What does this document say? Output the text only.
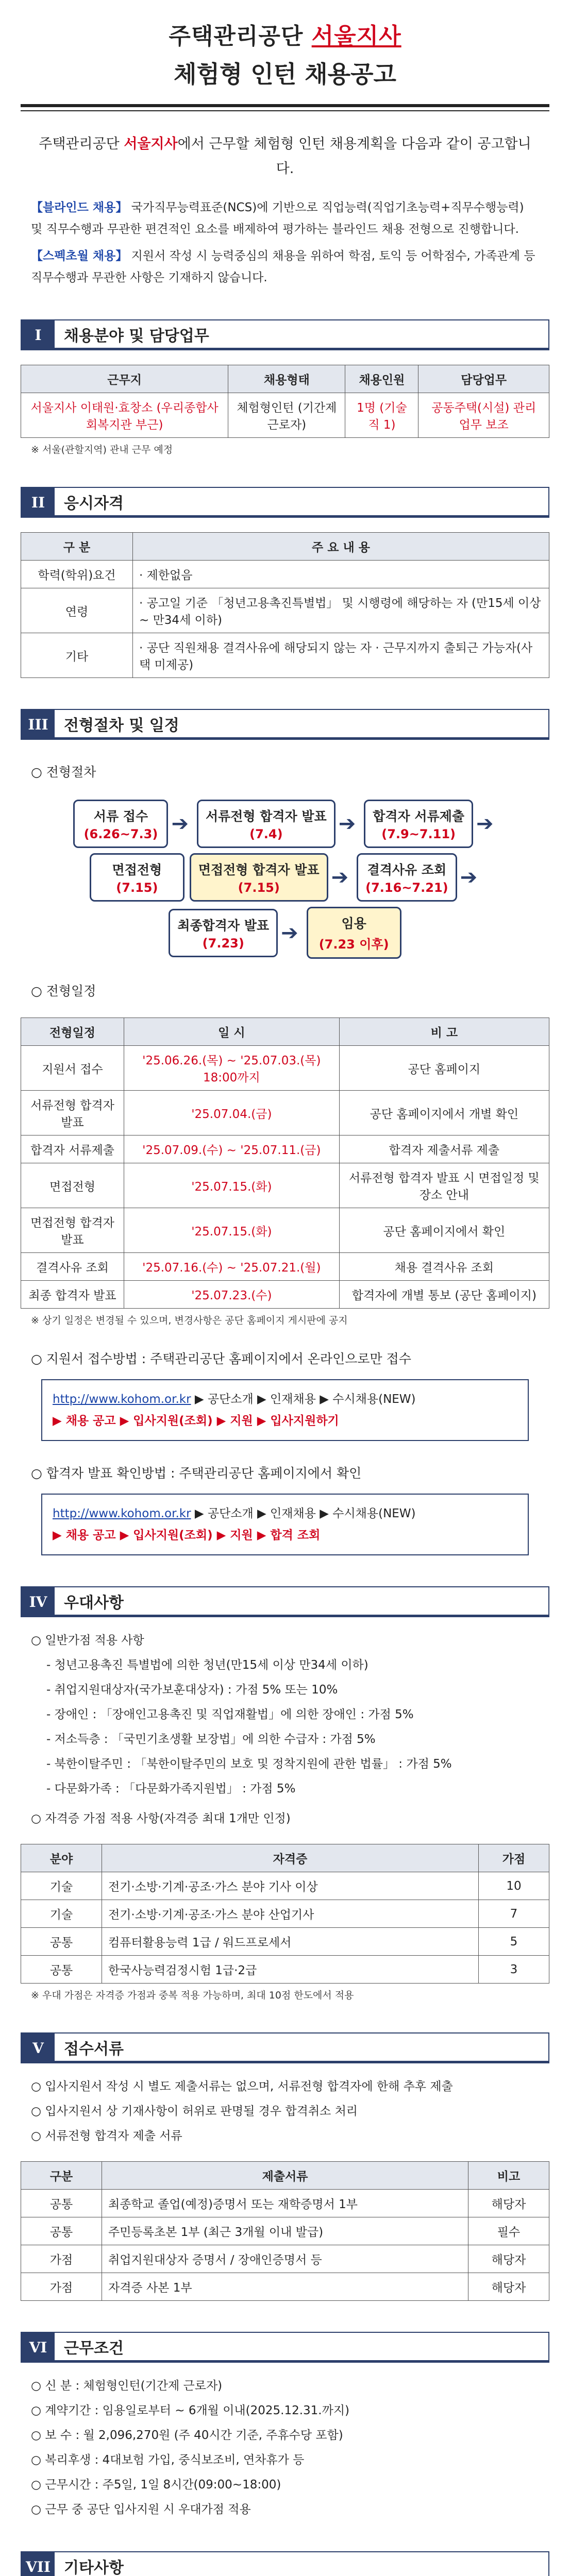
주택관리공단 서울지사
체험형 인턴 채용공고
주택관리공단 서울지사에서 근무할 체험형 인턴 채용계획을 다음과 같이 공고합니다.

【블라인드 채용】 국가직무능력표준(NCS)에 기반으로 직업능력(직업기초능력+직무수행능력) 및 직무수행과 무관한 편견적인 요소를 배제하여 평가하는 블라인드 채용 전형으로 진행합니다.

【스펙초월 채용】 지원서 작성 시 능력중심의 채용을 위하여 학점, 토익 등 어학점수, 가족관계 등 직무수행과 무관한 사항은 기재하지 않습니다.

I	채용분야 및 담당업무
근무지	채용형태	채용인원	담당업무
서울지사 이태원·효창소 (우리종합사회복지관 부근)	체험형인턴 (기간제근로자)	1명 (기술직 1)	공동주택(시설) 관리 업무 보조
※ 서울(관할지역) 관내 근무 예정
II	응시자격
구 분	주 요 내 용
학력(학위)요건	· 제한없음
연령	· 공고일 기준 「청년고용촉진특별법」 및 시행령에 해당하는 자 (만15세 이상 ~ 만34세 이하)
기타	· 공단 직원채용 결격사유에 해당되지 않는 자 · 근무지까지 출퇴근 가능자(사택 미제공)
III	전형절차 및 일정
○ 전형절차
서류 접수
(6.26~7.3) ➔	서류전형 합격자 발표
(7.4)	➔	합격자 서류제출
(7.9~7.11)	➔
면접전형
(7.15)
면접전형 합격자 발표
(7.15)	➔	결격사유 조회
(7.16~7.21) ➔
최종합격자 발표
(7.23)	➔	임용
(7.23 이후)
○ 전형일정
전형일정	일 시	비 고
지원서 접수	'25.06.26.(목) ~ '25.07.03.(목) 18:00까지	공단 홈페이지
서류전형 합격자 발표	'25.07.04.(금)	공단 홈페이지에서 개별 확인
합격자 서류제출	'25.07.09.(수) ~ '25.07.11.(금)	합격자 제출서류 제출
면접전형	'25.07.15.(화)	서류전형 합격자 발표 시 면접일정 및 장소 안내
면접전형 합격자 발표	'25.07.15.(화)	공단 홈페이지에서 확인
결격사유 조회	'25.07.16.(수) ~ '25.07.21.(월)	채용 결격사유 조회
최종 합격자 발표	'25.07.23.(수)	합격자에 개별 통보 (공단 홈페이지)
※ 상기 일정은 변경될 수 있으며, 변경사항은 공단 홈페이지 게시판에 공지
○ 지원서 접수방법 : 주택관리공단 홈페이지에서 온라인으로만 접수
http://www.kohom.or.kr ▶ 공단소개 ▶ 인재채용 ▶ 수시채용(NEW)
▶ 채용 공고 ▶ 입사지원(조회) ▶ 지원 ▶ 입사지원하기
○ 합격자 발표 확인방법 : 주택관리공단 홈페이지에서 확인
http://www.kohom.or.kr ▶ 공단소개 ▶ 인재채용 ▶ 수시채용(NEW)
▶ 채용 공고 ▶ 입사지원(조회) ▶ 지원 ▶ 합격 조회
IV	우대사항

○ 일반가점 적용 사항

- 청년고용촉진 특별법에 의한 청년(만15세 이상 만34세 이하)

- 취업지원대상자(국가보훈대상자) : 가점 5% 또는 10%

- 장애인 : 「장애인고용촉진 및 직업재활법」에 의한 장애인 : 가점 5%

- 저소득층 : 「국민기초생활 보장법」에 의한 수급자 : 가점 5%

- 북한이탈주민 : 「북한이탈주민의 보호 및 정착지원에 관한 법률」 : 가점 5%

- 다문화가족 : 「다문화가족지원법」 : 가점 5%

○ 자격증 가점 적용 사항(자격증 최대 1개만 인정)

분야	자격증	가점
기술	전기·소방·기계·공조·가스 분야 기사 이상	10
기술	전기·소방·기계·공조·가스 분야 산업기사	7
공통	컴퓨터활용능력 1급 / 워드프로세서	5
공통	한국사능력검정시험 1급·2급	3
※ 우대 가점은 자격증 가점과 중복 적용 가능하며, 최대 10점 한도에서 적용
V	접수서류

○ 입사지원서 작성 시 별도 제출서류는 없으며, 서류전형 합격자에 한해 추후 제출

○ 입사지원서 상 기재사항이 허위로 판명될 경우 합격취소 처리

○ 서류전형 합격자 제출 서류

구분	제출서류	비고
공통	최종학교 졸업(예정)증명서 또는 재학증명서 1부	해당자
공통	주민등록초본 1부 (최근 3개월 이내 발급)	필수
가점	취업지원대상자 증명서 / 장애인증명서 등	해당자
가점	자격증 사본 1부	해당자
VI	근무조건

○ 신 분 : 체험형인턴(기간제 근로자)

○ 계약기간 : 임용일로부터 ~ 6개월 이내(2025.12.31.까지)

○ 보 수 : 월 2,096,270원 (주 40시간 기준, 주휴수당 포함)

○ 복리후생 : 4대보험 가입, 중식보조비, 연차휴가 등

○ 근무시간 : 주5일, 1일 8시간(09:00~18:00)

○ 근무 중 공단 입사지원 시 우대가점 적용

VII 기타사항
